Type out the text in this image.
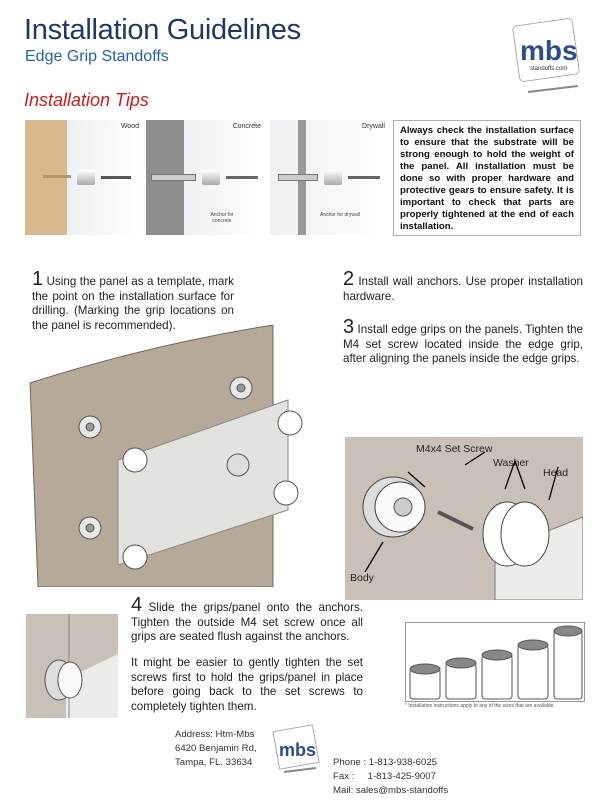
Installation Guidelines
Edge Grip Standoffs	mbs
standoffs.com
Installation Tips
Wood	Concrete
Anchor for concrete
Drywall
Anchor for drywall
Always check the installation surface to ensure that the substrate will be strong enough to hold the weight of the panel. All installation must be done so with proper hardware and protective gears to ensure safety. It is important to check that parts are properly tightened at the end of each installation.
1 Using the panel as a template, mark the point on the installation surface for drilling. (Marking the grip locations on the panel is recommended).
2 Install wall anchors. Use proper installation hardware.
3 Install edge grips on the panels. Tighten the M4 set screw located inside the edge grip, after aligning the panels inside the edge grips.
M4x4 Set Screw
Washer
Head
Body
4 Slide the grips/panel onto the anchors. Tighten the outside M4 set screw once all grips are seated flush against the anchors.
It might be easier to gently tighten the set screws first to hold the grips/panel in place before going back to the set screws to completely tighten them.	* Installation instructions apply to any of the sizes that are available.
Address: Htm-Mbs
6420 Benjamin Rd,
Tampa, FL. 33634
mbs

Phone : 1-813-938-6025
Fax :     1-813-425-9007
Mail: sales@mbs-standoffs
